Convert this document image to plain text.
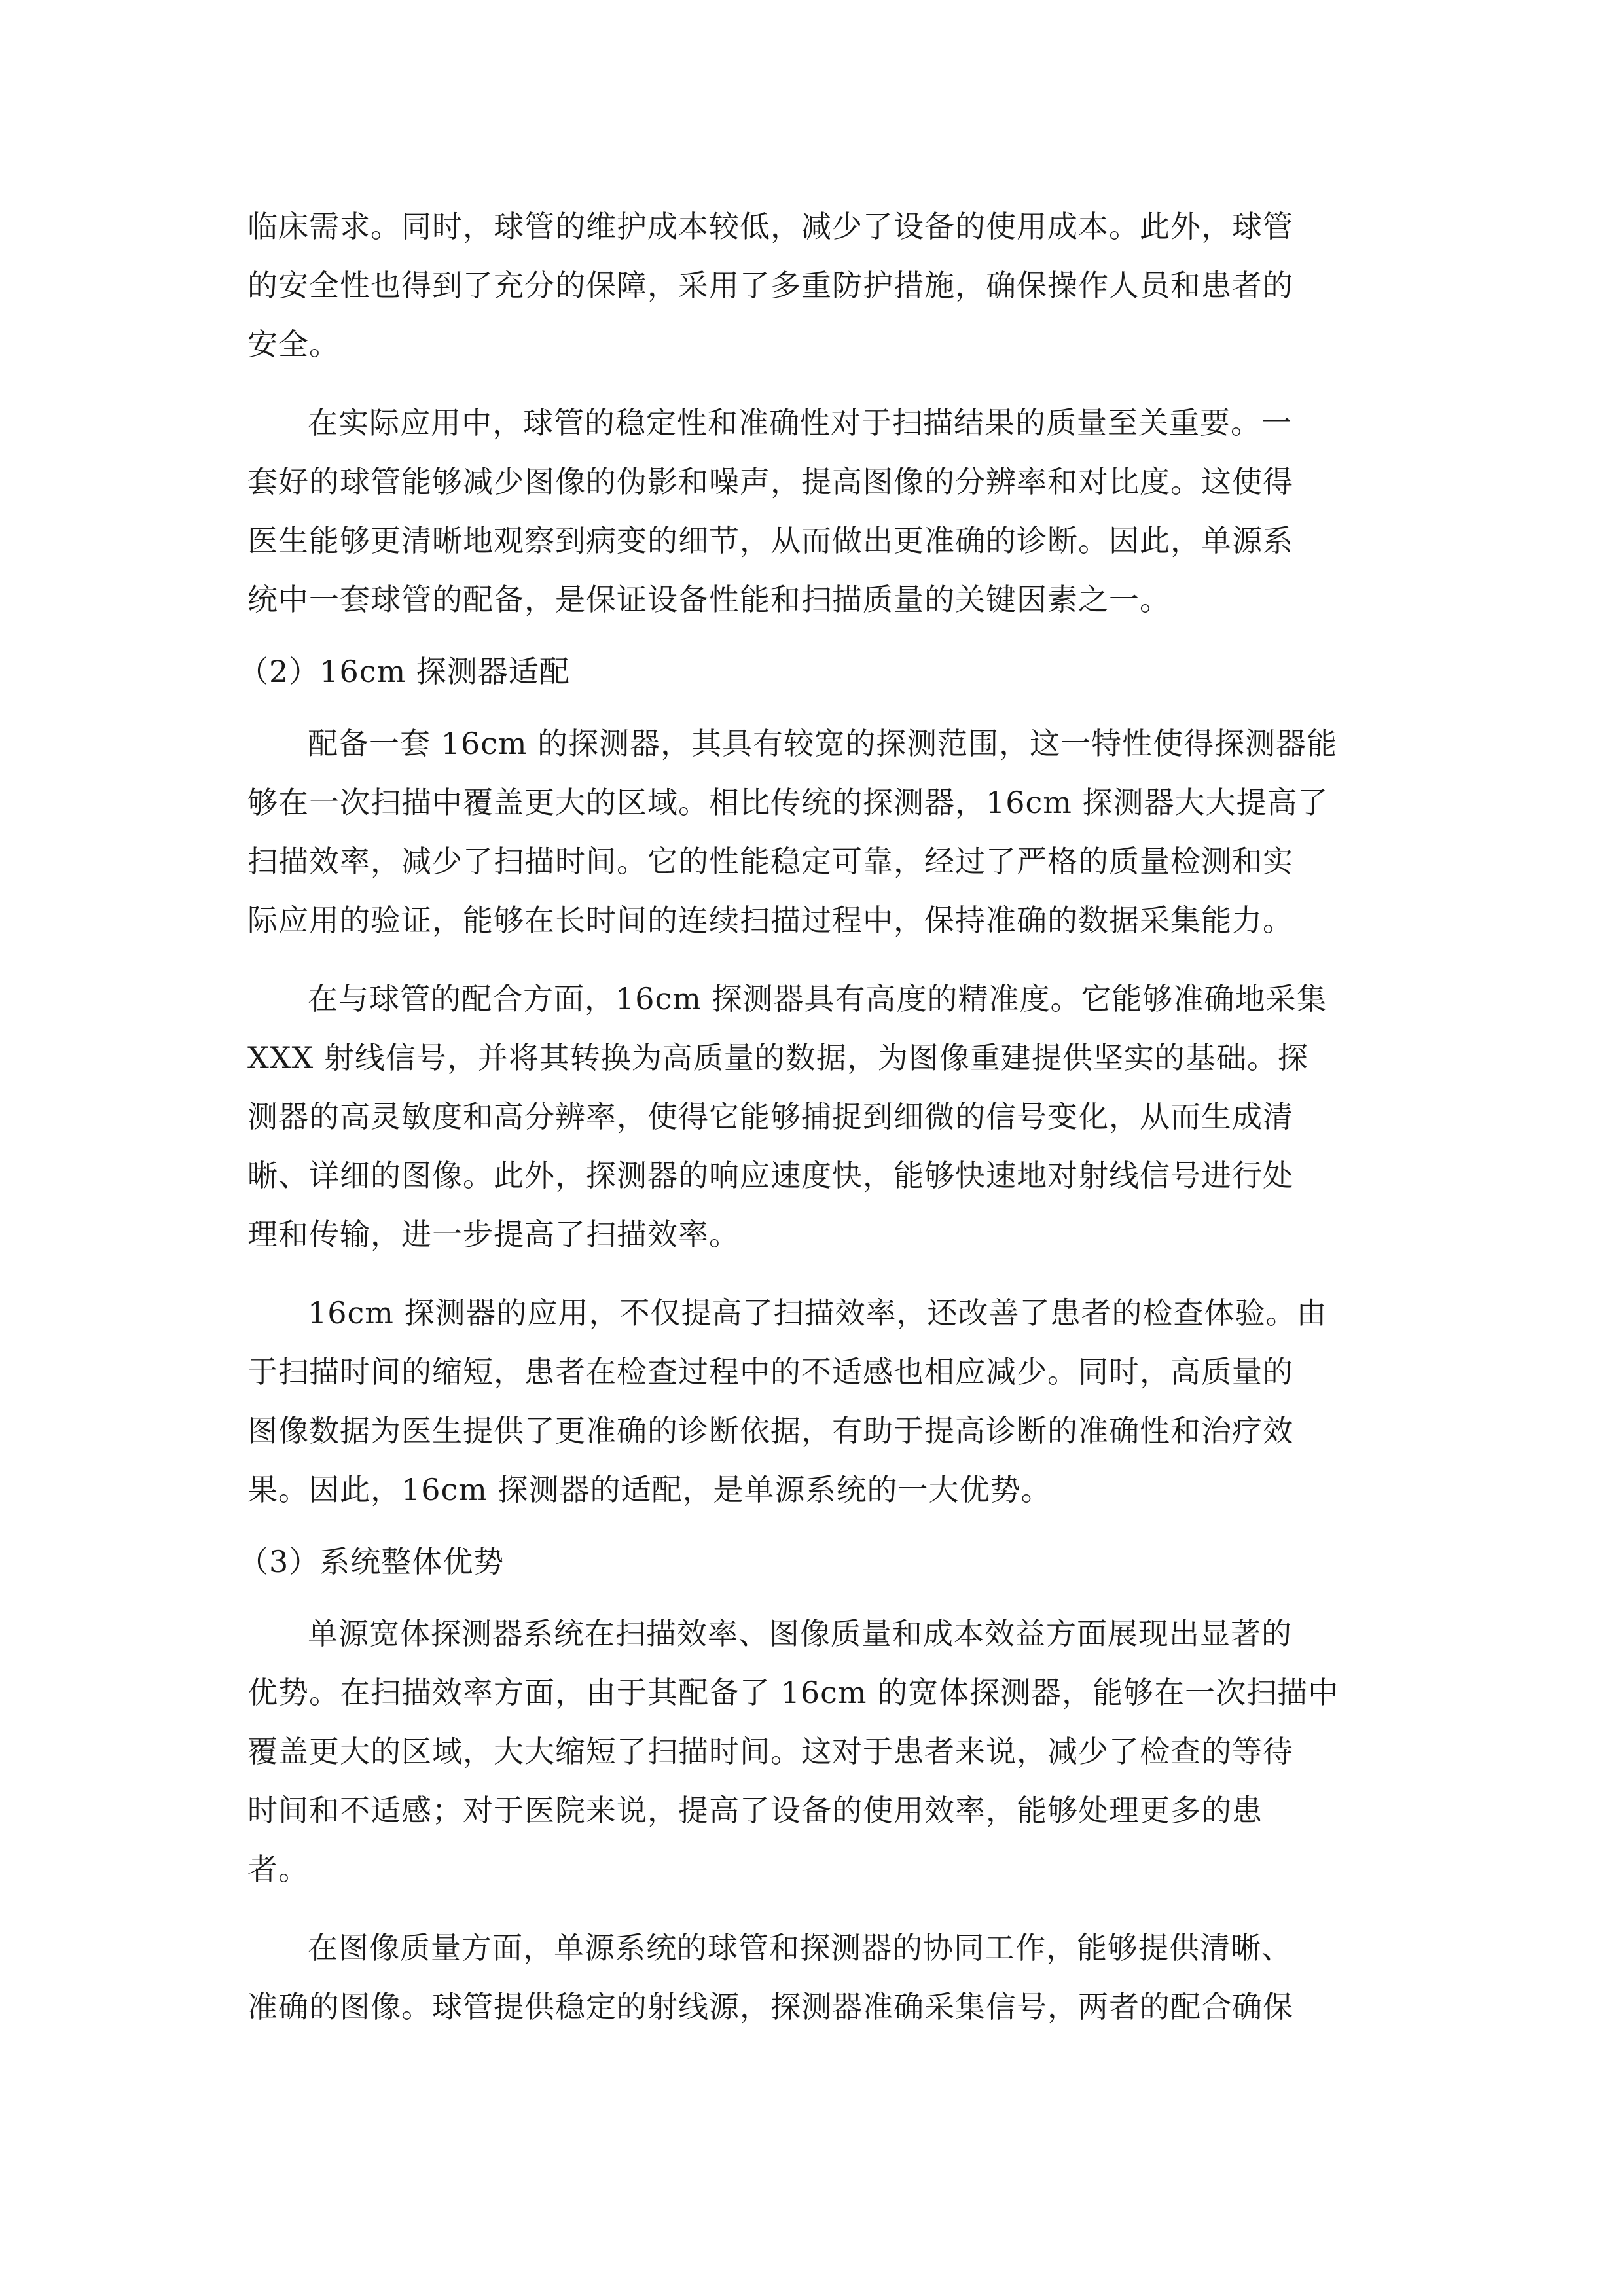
临床需求。同时，球管的维护成本较低，减少了设备的使用成本。此外，球管
的安全性也得到了充分的保障，采用了多重防护措施，确保操作人员和患者的
安全。
在实际应用中，球管的稳定性和准确性对于扫描结果的质量至关重要。一
套好的球管能够减少图像的伪影和噪声，提高图像的分辨率和对比度。这使得
医生能够更清晰地观察到病变的细节，从而做出更准确的诊断。因此，单源系
统中一套球管的配备，是保证设备性能和扫描质量的关键因素之一。
（2）16cm 探测器适配
配备一套 16cm 的探测器，其具有较宽的探测范围，这一特性使得探测器能
够在一次扫描中覆盖更大的区域。相比传统的探测器，16cm 探测器大大提高了
扫描效率，减少了扫描时间。它的性能稳定可靠，经过了严格的质量检测和实
际应用的验证，能够在长时间的连续扫描过程中，保持准确的数据采集能力。
在与球管的配合方面，16cm 探测器具有高度的精准度。它能够准确地采集
XXX 射线信号，并将其转换为高质量的数据，为图像重建提供坚实的基础。探
测器的高灵敏度和高分辨率，使得它能够捕捉到细微的信号变化，从而生成清
晰、详细的图像。此外，探测器的响应速度快，能够快速地对射线信号进行处
理和传输，进一步提高了扫描效率。
16cm 探测器的应用，不仅提高了扫描效率，还改善了患者的检查体验。由
于扫描时间的缩短，患者在检查过程中的不适感也相应减少。同时，高质量的
图像数据为医生提供了更准确的诊断依据，有助于提高诊断的准确性和治疗效
果。因此，16cm 探测器的适配，是单源系统的一大优势。
（3）系统整体优势
单源宽体探测器系统在扫描效率、图像质量和成本效益方面展现出显著的
优势。在扫描效率方面，由于其配备了 16cm 的宽体探测器，能够在一次扫描中
覆盖更大的区域，大大缩短了扫描时间。这对于患者来说，减少了检查的等待
时间和不适感；对于医院来说，提高了设备的使用效率，能够处理更多的患
者。
在图像质量方面，单源系统的球管和探测器的协同工作，能够提供清晰、
准确的图像。球管提供稳定的射线源，探测器准确采集信号，两者的配合确保
